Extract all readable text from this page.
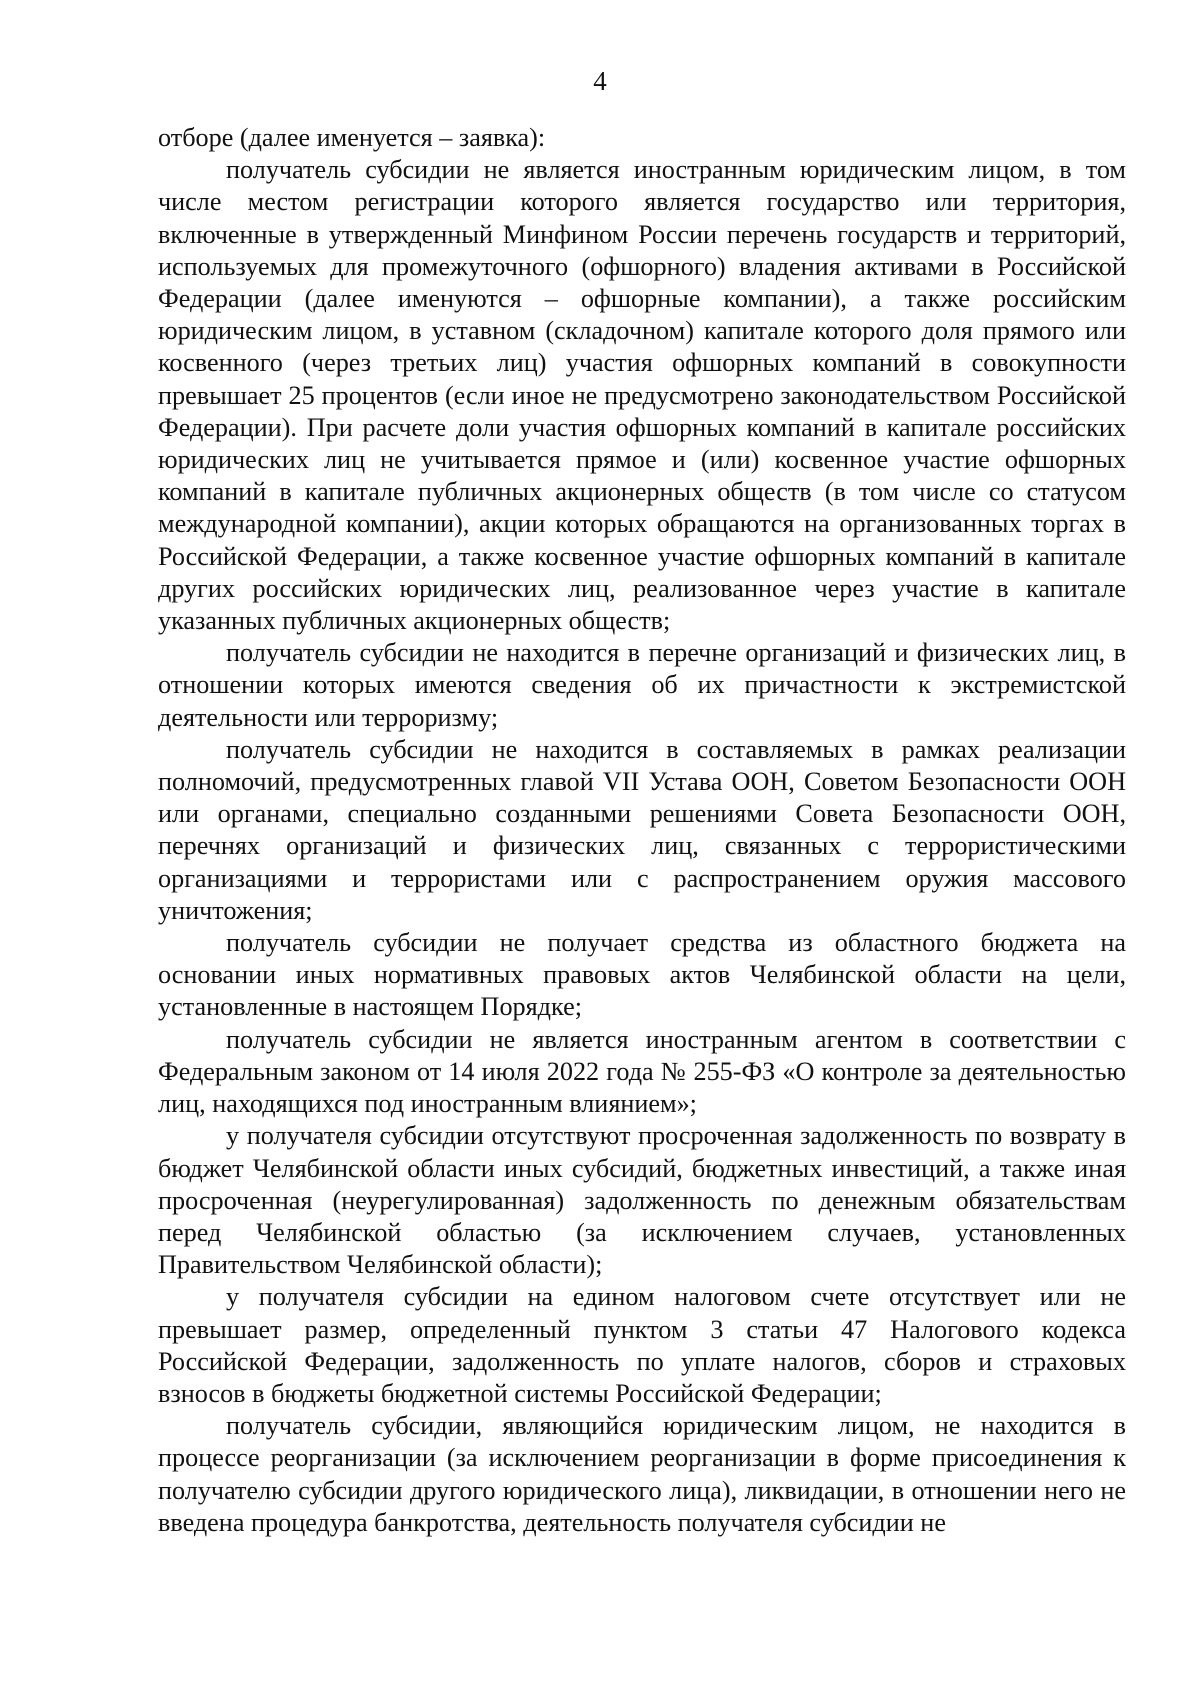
4

отборе (далее именуется – заявка):

получатель субсидии не является иностранным юридическим лицом, в том числе местом регистрации которого является государство или территория, включенные в утвержденный Минфином России перечень государств и территорий, используемых для промежуточного (офшорного) владения активами в Российской Федерации (далее именуются – офшорные компании), а также российским юридическим лицом, в уставном (складочном) капитале которого доля прямого или косвенного (через третьих лиц) участия офшорных компаний в совокупности превышает 25 процентов (если иное не предусмотрено законодательством Российской Федерации). При расчете доли участия офшорных компаний в капитале российских юридических лиц не учитывается прямое и (или) косвенное участие офшорных компаний в капитале публичных акционерных обществ (в том числе со статусом международной компании), акции которых обращаются на организованных торгах в Российской Федерации, а также косвенное участие офшорных компаний в капитале других российских юридических лиц, реализованное через участие в капитале указанных публичных акционерных обществ;

получатель субсидии не находится в перечне организаций и физических лиц, в отношении которых имеются сведения об их причастности к экстремистской деятельности или терроризму;

получатель субсидии не находится в составляемых в рамках реализации полномочий, предусмотренных главой VII Устава ООН, Советом Безопасности ООН или органами, специально созданными решениями Совета Безопасности ООН, перечнях организаций и физических лиц, связанных с террористическими организациями и террористами или с распространением оружия массового уничтожения;

получатель субсидии не получает средства из областного бюджета на основании иных нормативных правовых актов Челябинской области на цели, установленные в настоящем Порядке;

получатель субсидии не является иностранным агентом в соответствии с Федеральным законом от 14 июля 2022 года № 255-ФЗ «О контроле за деятельностью лиц, находящихся под иностранным влиянием»;

у получателя субсидии отсутствуют просроченная задолженность по возврату в бюджет Челябинской области иных субсидий, бюджетных инвестиций, а также иная просроченная (неурегулированная) задолженность по денежным обязательствам перед Челябинской областью (за исключением случаев, установленных Правительством Челябинской области);

у получателя субсидии на едином налоговом счете отсутствует или не превышает размер, определенный пунктом 3 статьи 47 Налогового кодекса Российской Федерации, задолженность по уплате налогов, сборов и страховых взносов в бюджеты бюджетной системы Российской Федерации;

получатель субсидии, являющийся юридическим лицом, не находится в процессе реорганизации (за исключением реорганизации в форме присоединения к получателю субсидии другого юридического лица), ликвидации, в отношении него не введена процедура банкротства, деятельность получателя субсидии не
